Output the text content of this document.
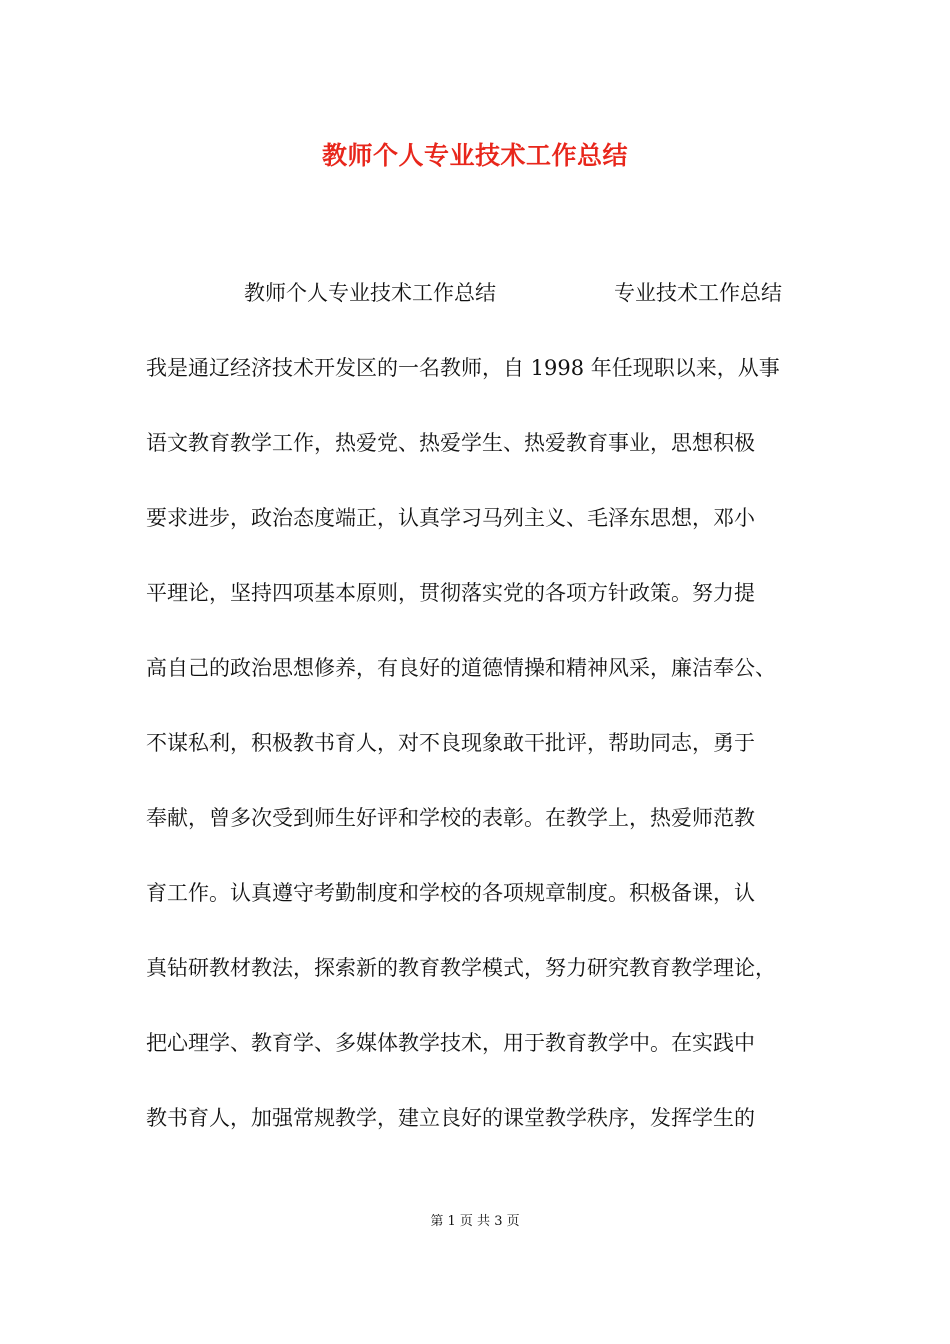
教师个人专业技术工作总结
教师个人专业技术工作总结	专业技术工作总结
我是通辽经济技术开发区的一名教师，自 1998 年任现职以来，从事
语文教育教学工作，热爱党、热爱学生、热爱教育事业，思想积极
要求进步，政治态度端正，认真学习马列主义、毛泽东思想，邓小
平理论，坚持四项基本原则，贯彻落实党的各项方针政策。努力提
高自己的政治思想修养，有良好的道德情操和精神风采，廉洁奉公、
不谋私利，积极教书育人，对不良现象敢干批评，帮助同志，勇于
奉献，曾多次受到师生好评和学校的表彰。在教学上，热爱师范教
育工作。认真遵守考勤制度和学校的各项规章制度。积极备课，认
真钻研教材教法，探索新的教育教学模式，努力研究教育教学理论，
把心理学、教育学、多媒体教学技术，用于教育教学中。在实践中
教书育人，加强常规教学，建立良好的课堂教学秩序，发挥学生的
第 1 页 共 3 页
